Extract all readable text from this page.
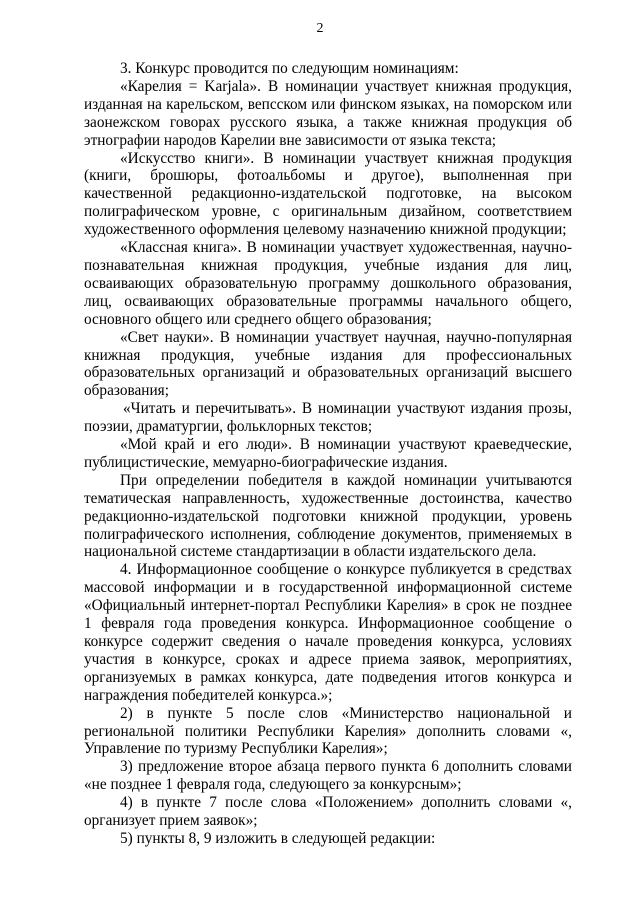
2

3. Конкурс проводится по следующим номинациям:

«Карелия = Karjala». В номинации участвует книжная продукция, изданная на карельском, вепсском или финском языках, на поморском или заонежском говорах русского языка, а также книжная продукция об этнографии народов Карелии вне зависимости от языка текста;

«Искусство книги». В номинации участвует книжная продукция (книги, брошюры, фотоальбомы и другое), выполненная при качественной редакционно-издательской подготовке, на высоком полиграфическом уровне, с оригинальным дизайном, соответствием художественного оформления целевому назначению книжной продукции;

«Классная книга». В номинации участвует художественная, научно-познавательная книжная продукция, учебные издания для лиц, осваивающих образовательную программу дошкольного образования, лиц, осваивающих образовательные программы начального общего, основного общего или среднего общего образования;

«Свет науки». В номинации участвует научная, научно-популярная книжная продукция, учебные издания для профессиональных образовательных организаций и образовательных организаций высшего образования;

«Читать и перечитывать». В номинации участвуют издания прозы, поэзии, драматургии, фольклорных текстов;

«Мой край и его люди». В номинации участвуют краеведческие, публицистические, мемуарно-биографические издания.

При определении победителя в каждой номинации учитываются тематическая направленность, художественные достоинства, качество редакционно-издательской подготовки книжной продукции, уровень полиграфического исполнения, соблюдение документов, применяемых в национальной системе стандартизации в области издательского дела.

4. Информационное сообщение о конкурсе публикуется в средствах массовой информации и в государственной информационной системе «Официальный интернет-портал Республики Карелия» в срок не позднее 1 февраля года проведения конкурса. Информационное сообщение о конкурсе содержит сведения о начале проведения конкурса, условиях участия в конкурсе, сроках и адресе приема заявок, мероприятиях, организуемых в рамках конкурса, дате подведения итогов конкурса и награждения победителей конкурса.»;

2) в пункте 5 после слов «Министерство национальной и региональной политики Республики Карелия» дополнить словами «, Управление по туризму Республики Карелия»;

3) предложение второе абзаца первого пункта 6 дополнить словами «не позднее 1 февраля года, следующего за конкурсным»;

4) в пункте 7 после слова «Положением» дополнить словами «, организует прием заявок»;

5) пункты 8, 9 изложить в следующей редакции:
